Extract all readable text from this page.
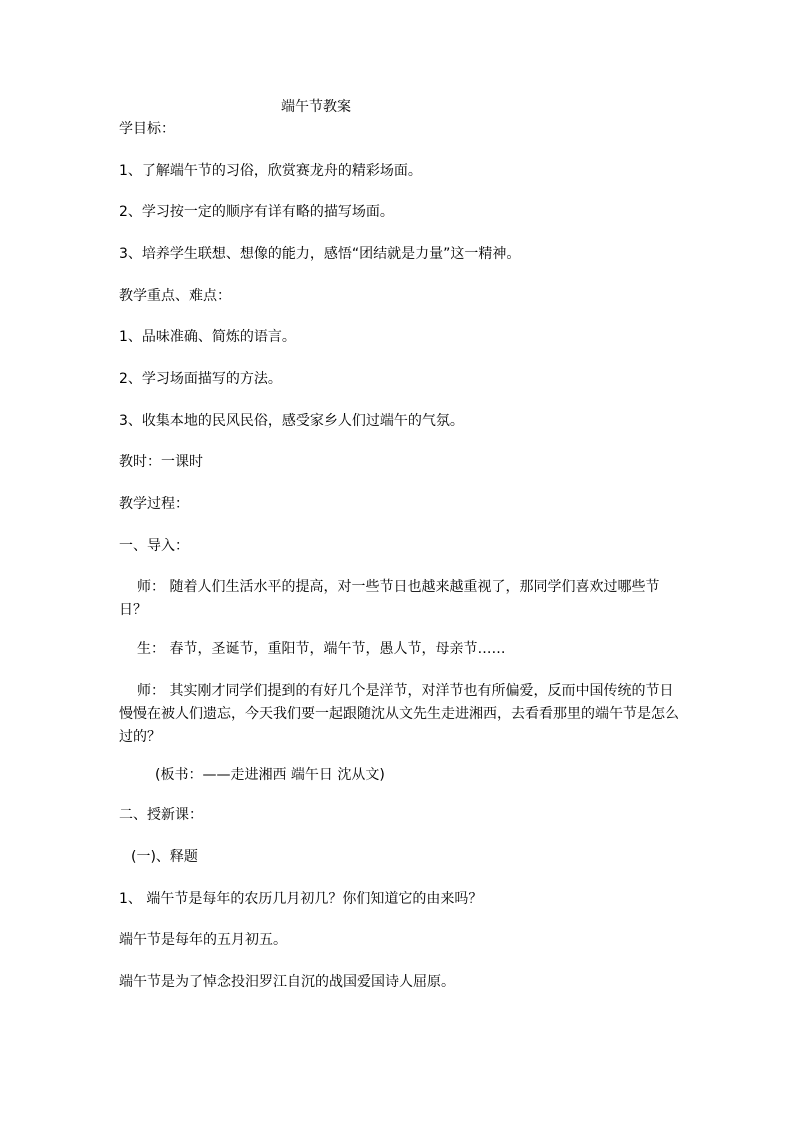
端午节教案
学目标：
1、了解端午节的习俗，欣赏赛龙舟的精彩场面。
2、学习按一定的顺序有详有略的描写场面。
3、培养学生联想、想像的能力，感悟“团结就是力量”这一精神。
教学重点、难点：
1、品味准确、简炼的语言。
2、学习场面描写的方法。
3、收集本地的民风民俗，感受家乡人们过端午的气氛。
教时：一课时
教学过程：
一、导入：
师： 随着人们生活水平的提高，对一些节日也越来越重视了，那同学们喜欢过哪些节日？
生： 春节，圣诞节，重阳节，端午节，愚人节，母亲节……
师： 其实刚才同学们提到的有好几个是洋节，对洋节也有所偏爱，反而中国传统的节日慢慢在被人们遗忘，今天我们要一起跟随沈从文先生走进湘西，去看看那里的端午节是怎么过的？
(板书：——走进湘西 端午日 沈从文)
二、授新课：
(一)、释题
1、 端午节是每年的农历几月初几？你们知道它的由来吗？
端午节是每年的五月初五。
端午节是为了悼念投汨罗江自沉的战国爱国诗人屈原。
